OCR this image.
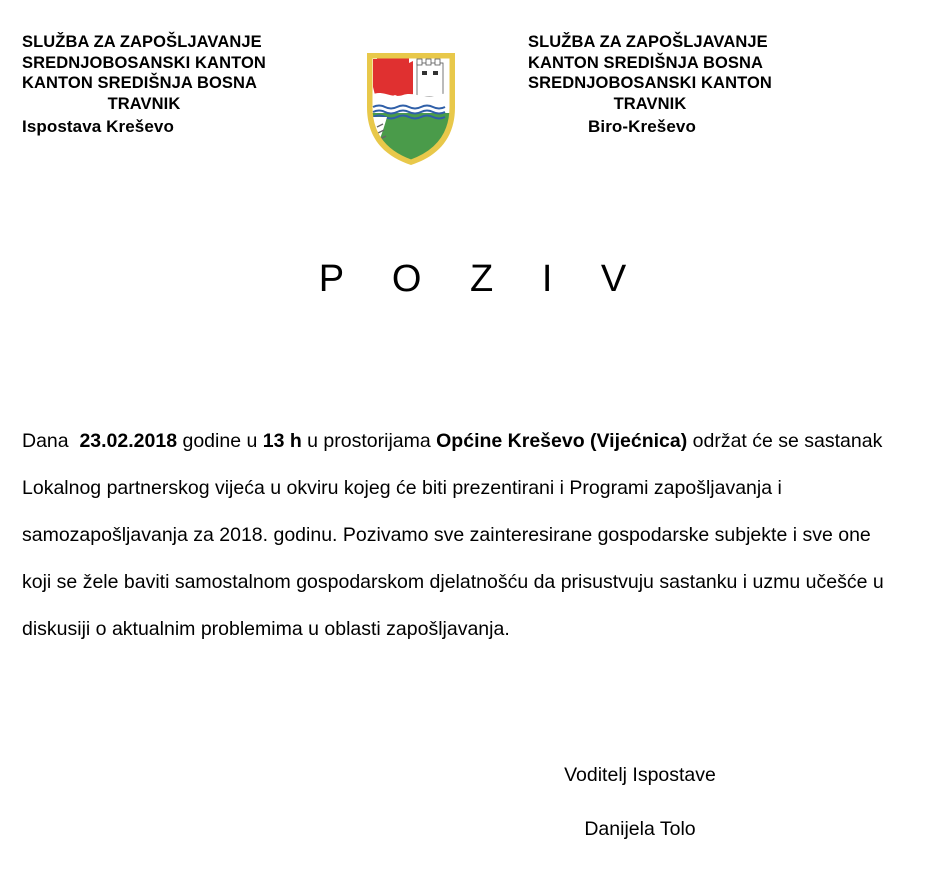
SLUŽBA ZA ZAPOŠLJAVANJE
SREDNJOBOSANSKI KANTON
KANTON SREDIŠNJA BOSNA
TRAVNIK
Ispostava Kreševo
SLUŽBA ZA ZAPOŠLJAVANJE
KANTON SREDIŠNJA BOSNA
SREDNJOBOSANSKI KANTON
TRAVNIK
Biro-Kreševo
P O Z I V
Dana  23.02.2018 godine u 13 h u prostorijama Općine Kreševo (Vijećnica) održat će se sastanak Lokalnog partnerskog vijeća u okviru kojeg će biti prezentirani i Programi zapošljavanja i samozapošljavanja za 2018. godinu. Pozivamo sve zainteresirane gospodarske subjekte i sve one koji se žele baviti samostalnom gospodarskom djelatnošću da prisustvuju sastanku i uzmu učešće u diskusiji o aktualnim problemima u oblasti zapošljavanja.
Voditelj Ispostave
Danijela Tolo
